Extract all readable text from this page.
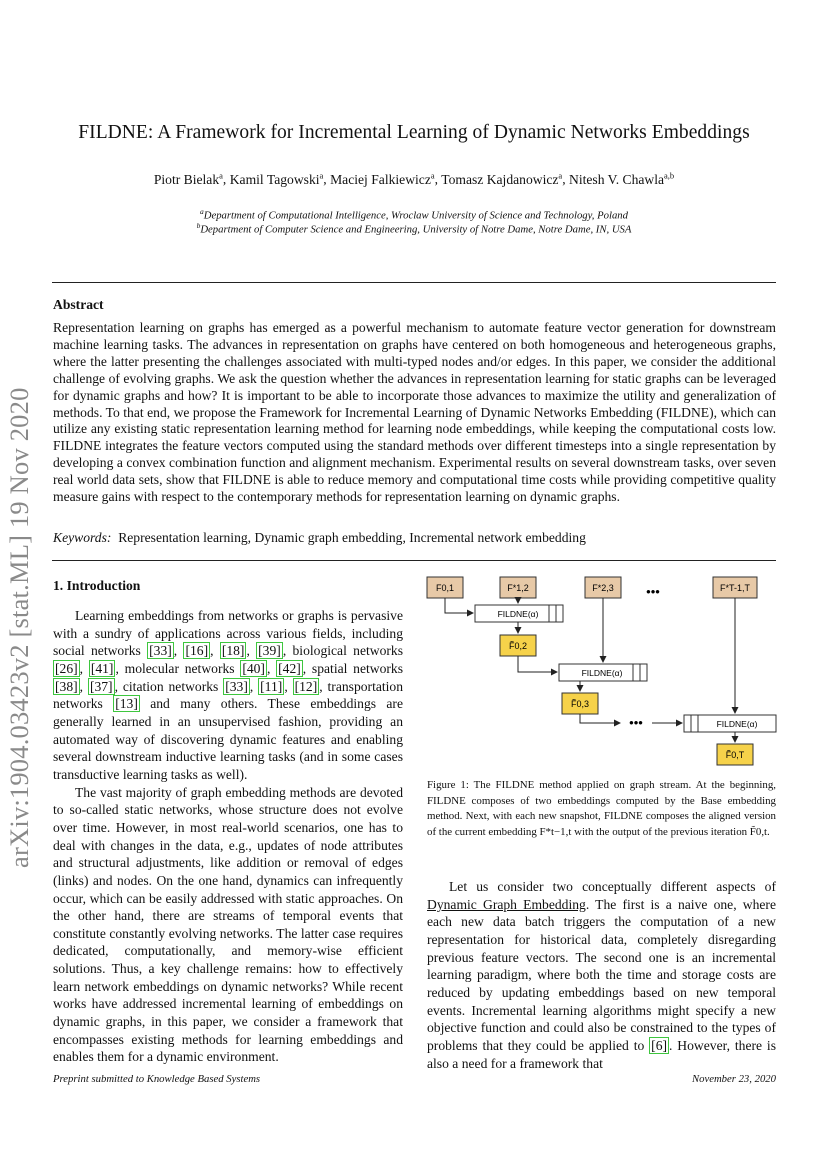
arXiv:1904.03423v2 [stat.ML] 19 Nov 2020
FILDNE: A Framework for Incremental Learning of Dynamic Networks Embeddings
Piotr Bielak$^a$, Kamil Tagowski$^a$, Maciej Falkiewicz$^a$, Tomasz Kajdanowicz$^a$, Nitesh V. Chawla$^{a,b}$
$^a$Department of Computational Intelligence, Wroclaw University of Science and Technology, Poland
$^b$Department of Computer Science and Engineering, University of Notre Dame, Notre Dame, IN, USA
Abstract
Representation learning on graphs has emerged as a powerful mechanism to automate feature vector generation for downstream machine learning tasks. The advances in representation on graphs have centered on both homogeneous and heterogeneous graphs, where the latter presenting the challenges associated with multi-typed nodes and/or edges. In this paper, we consider the additional challenge of evolving graphs. We ask the question whether the advances in representation learning for static graphs can be leveraged for dynamic graphs and how? It is important to be able to incorporate those advances to maximize the utility and generalization of methods. To that end, we propose the Framework for Incremental Learning of Dynamic Networks Embedding (FILDNE), which can utilize any existing static representation learning method for learning node embeddings, while keeping the computational costs low. FILDNE integrates the feature vectors computed using the standard methods over different timesteps into a single representation by developing a convex combination function and alignment mechanism. Experimental results on several downstream tasks, over seven real world data sets, show that FILDNE is able to reduce memory and computational time costs while providing competitive quality measure gains with respect to the contemporary methods for representation learning on dynamic graphs.
Keywords: Representation learning, Dynamic graph embedding, Incremental network embedding
1. Introduction

Learning embeddings from networks or graphs is pervasive with a sundry of applications across various fields, including social networks [33] , [16] , [18] , [39] , biological networks [26] , [41] , molecular networks [40] , [42] , spatial networks [38] , [37] , citation networks [33] , [11] , [12] , transportation networks [13] and many others. These embeddings are generally learned in an unsupervised fashion, providing an automated way of discovering dynamic features and enabling several downstream inductive learning tasks (and in some cases transductive learning tasks as well).

The vast majority of graph embedding methods are devoted to so-called static networks, whose structure does not evolve over time. However, in most real-world scenarios, one has to deal with changes in the data, e.g., updates of node attributes and structural adjustments, like addition or removal of edges (links) and nodes. On the one hand, dynamics can infrequently occur, which can be easily addressed with static approaches. On the other hand, there are streams of temporal events that constitute constantly evolving networks. The latter case requires dedicated, computationally, and memory-wise efficient solutions. Thus, a key challenge remains: how to effectively learn network embeddings on dynamic networks? While recent works have addressed incremental learning of embeddings on dynamic graphs, in this paper, we consider a framework that encompasses existing methods for learning embeddings and enables them for a dynamic environment.

F0,1	F*1,2	F*2,3 •••	F*T-1,T
FILDNE(α)
F̃0,2
FILDNE(α)
F̃0,3
•••	FILDNE(α)
F̃0,T
Figure 1: The FILDNE method applied on graph stream. At the beginning, FILDNE composes of two embeddings computed by the Base embedding method. Next, with each new snapshot, FILDNE composes the aligned version of the current embedding F*t−1,t with the output of the previous iteration F̃0,t.

Let us consider two conceptually different aspects of Dynamic Graph Embedding. The first is a naive one, where each new data batch triggers the computation of a new representation for historical data, completely disregarding previous feature vectors. The second one is an incremental learning paradigm, where both the time and storage costs are reduced by updating embeddings based on new temporal events. Incremental learning algorithms might specify a new objective function and could also be constrained to the types of problems that they could be applied to [6] . However, there is also a need for a framework that

Preprint submitted to Knowledge Based Systems	November 23, 2020
